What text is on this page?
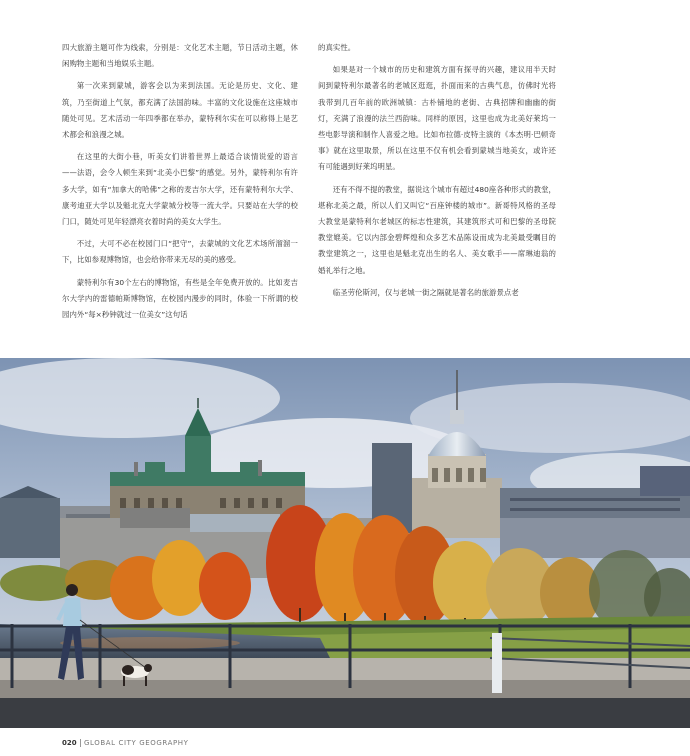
四大旅游主题可作为线索，分别是：文化艺术主题，节日活动主题，休闲购物主题和当地娱乐主题。

第一次来到蒙城，游客会以为来到法国。无论是历史、文化、建筑，乃至街道上气氛，都充满了法国韵味。丰富的文化设施在这座城市随处可见。艺术活动一年四季都在举办，蒙特利尔实在可以称得上是艺术都会和浪漫之城。

在这里的大街小巷，听美女们讲着世界上最适合谈情说爱的语言——法语，会令人顿生来到“北美小巴黎”的感觉。另外，蒙特利尔有许多大学，如有“加拿大的哈佛”之称的麦吉尔大学，还有蒙特利尔大学、康考迪亚大学以及魁北克大学蒙城分校等一流大学。只要站在大学的校门口，随处可见年轻漂亮衣着时尚的美女大学生。

不过，大可不必在校园门口“把守”，去蒙城的文化艺术场所溜溜一下，比如参观博物馆，也会给你带来无尽的美的感受。

蒙特利尔有30个左右的博物馆，有些是全年免费开放的。比如麦吉尔大学内的雷德帕斯博物馆，在校园内漫步的同时，体验一下所谓的校园内外“每×秒钟就过一位美女”这句话

的真实性。

如果是对一个城市的历史和建筑方面有探寻的兴趣，建议用半天时间到蒙特利尔最著名的老城区逛逛，扑面而来的古典气息，仿佛时光将我带到几百年前的欧洲城镇：古朴铺地的老街、古典招牌和幽幽的街灯，充满了浪漫的法兰西韵味。同样的原因，这里也成为北美好莱坞一些电影导演和制作人喜爱之地。比如布拉德·皮特主演的《本杰明·巴顿奇事》就在这里取景，所以在这里不仅有机会看到蒙城当地美女，或许还有可能遇到好莱坞明星。

还有不得不提的教堂，据说这个城市有超过480座各种形式的教堂，堪称北美之最，所以人们又叫它“百座钟楼的城市”。新哥特风格的圣母大教堂是蒙特利尔老城区的标志性建筑，其建筑形式可和巴黎的圣母院教堂媲美。它以内部金碧辉煌和众多艺术品陈设而成为北美最受瞩目的教堂建筑之一，这里也是魁北克出生的名人、美女歌手——席琳迪翁的婚礼举行之地。

临圣劳伦斯河，仅与老城一街之隔就是著名的旅游景点老

020 GLOBAL CITY GEOGRAPHY
